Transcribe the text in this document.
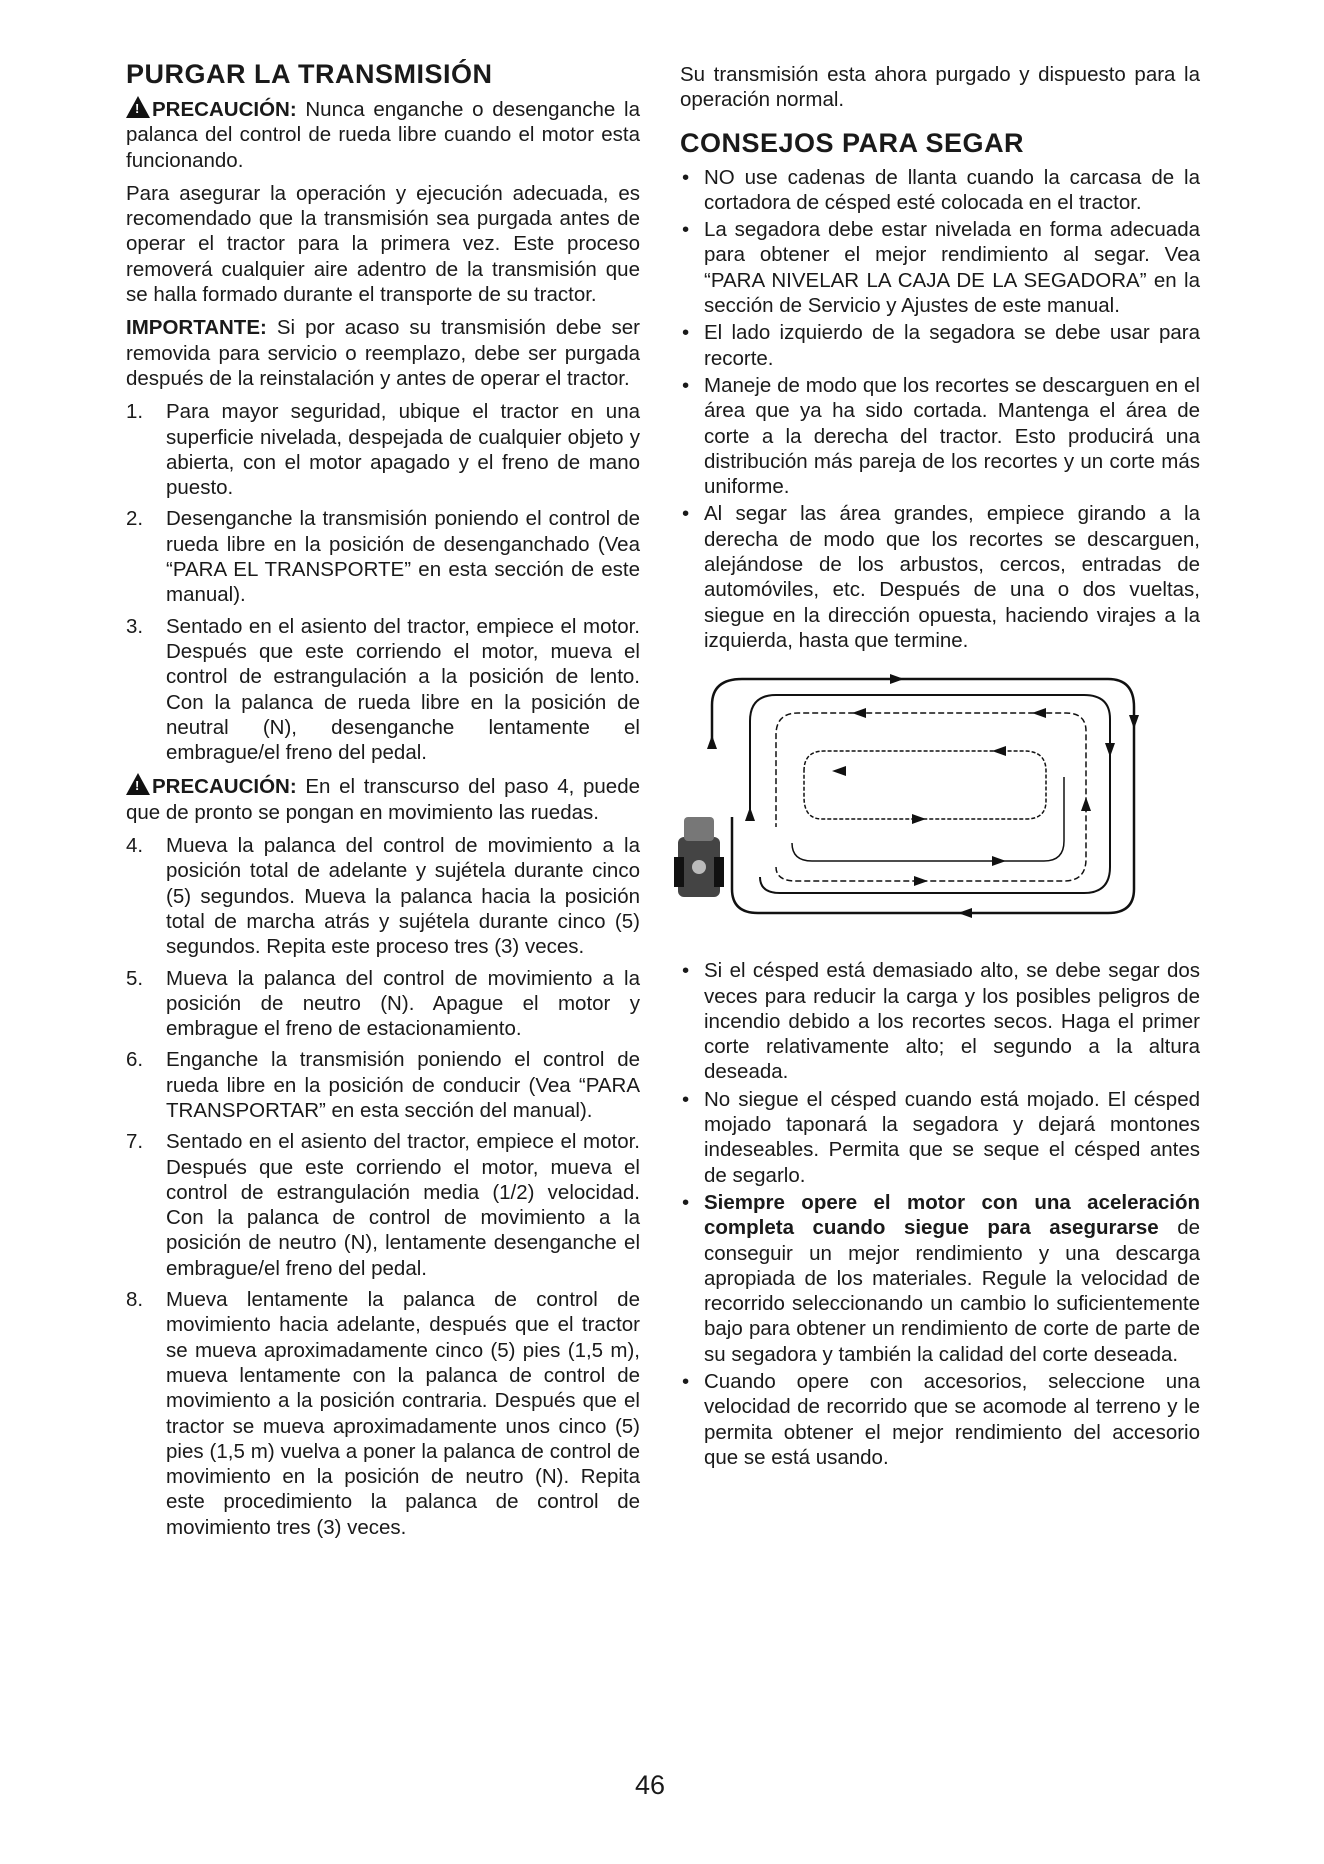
PURGAR LA TRANSMISIÓN

!PRECAUCIÓN: Nunca enganche o desenganche la palanca del control de rueda libre cuando el motor esta funcionando.

Para asegurar la operación y ejecución adecuada, es recomendado que la transmisión sea purgada antes de operar el tractor para la primera vez. Este proceso removerá cualquier aire adentro de la transmisión que se halla formado durante el transporte de su tractor.

IMPORTANTE: Si por acaso su transmisión debe ser removida para servicio o reemplazo, debe ser purgada después de la reinstalación y antes de operar el tractor.

1.	Para mayor seguridad, ubique el tractor en una superficie nivelada, despejada de cualquier objeto y abierta, con el motor apagado y el freno de mano puesto.
2.	Desenganche la transmisión poniendo el control de rueda libre en la posición de desenganchado (Vea “PARA EL TRANSPORTE” en esta sección de este manual).
3.	Sentado en el asiento del tractor, empiece el motor. Después que este corriendo el motor, mueva el control de estrangulación a la posición de lento. Con la palanca de rueda libre en la posición de neutral (N), desenganche lentamente el embrague/el freno del pedal.

!PRECAUCIÓN: En el transcurso del paso 4, puede que de pronto se pongan en movimiento las ruedas.

4.	Mueva la palanca del control de movimiento a la posición total de adelante y sujétela durante cinco (5) segundos. Mueva la palanca hacia la posición total de marcha atrás y sujétela durante cinco (5) segundos. Repita este proceso tres (3) veces.
5.	Mueva la palanca del control de movimiento a la posición de neutro (N). Apague el motor y embrague el freno de estacionamiento.
6.	Enganche la transmisión poniendo el control de rueda libre en la posición de conducir (Vea “PARA TRANSPORTAR” en esta sección del manual).
7.	Sentado en el asiento del tractor, empiece el motor. Después que este corriendo el motor, mueva el control de estrangulación media (1/2) velocidad. Con la palanca de control de movimiento a la posición de neutro (N), lentamente desenganche el embrague/el freno del pedal.
8.	Mueva lentamente la palanca de control de movimiento hacia adelante, después que el tractor se mueva aproximadamente cinco (5) pies (1,5 m), mueva lentamente con la palanca de control de movimiento a la posición contraria. Después que el tractor se mueva aproximadamente unos cinco (5) pies (1,5 m) vuelva a poner la palanca de control de movimiento en la posición de neutro (N). Repita este procedimiento la palanca de control de movimiento tres (3) veces.

Su transmisión esta ahora purgado y dispuesto para la operación normal.

CONSEJOS PARA SEGAR
• NO use cadenas de llanta cuando la carcasa de la cortadora de césped esté colocada en el tractor.
• La segadora debe estar nivelada en forma adecuada para obtener el mejor rendimiento al segar. Vea “PARA NIVELAR LA CAJA DE LA SEGADORA” en la sección de Servicio y Ajustes de este manual.
• El lado izquierdo de la segadora se debe usar para recorte.
• Maneje de modo que los recortes se descarguen en el área que ya ha sido cortada. Mantenga el área de corte a la derecha del tractor. Esto producirá una distribución más pareja de los recortes y un corte más uniforme.
• Al segar las área grandes, empiece girando a la derecha de modo que los recortes se descarguen, alejándose de los arbustos, cercos, entradas de automóviles, etc. Después de una o dos vueltas, siegue en la dirección opuesta, haciendo virajes a la izquierda, hasta que termine.
• Si el césped está demasiado alto, se debe segar dos veces para reducir la carga y los posibles peligros de incendio debido a los recortes secos. Haga el primer corte relativamente alto; el segundo a la altura deseada.
• No siegue el césped cuando está mojado. El césped mojado taponará la segadora y dejará montones indeseables. Permita que se seque el césped antes de segarlo.
• Siempre opere el motor con una aceleración completa cuando siegue para asegurarse de conseguir un mejor rendimiento y una descarga apropiada de los materiales. Regule la velocidad de recorrido seleccionando un cambio lo suficientemente bajo para obtener un rendimiento de corte de parte de su segadora y también la calidad del corte deseada.
• Cuando opere con accesorios, seleccione una velocidad de recorrido que se acomode al terreno y le permita obtener el mejor rendimiento del accesorio que se está usando.
46
